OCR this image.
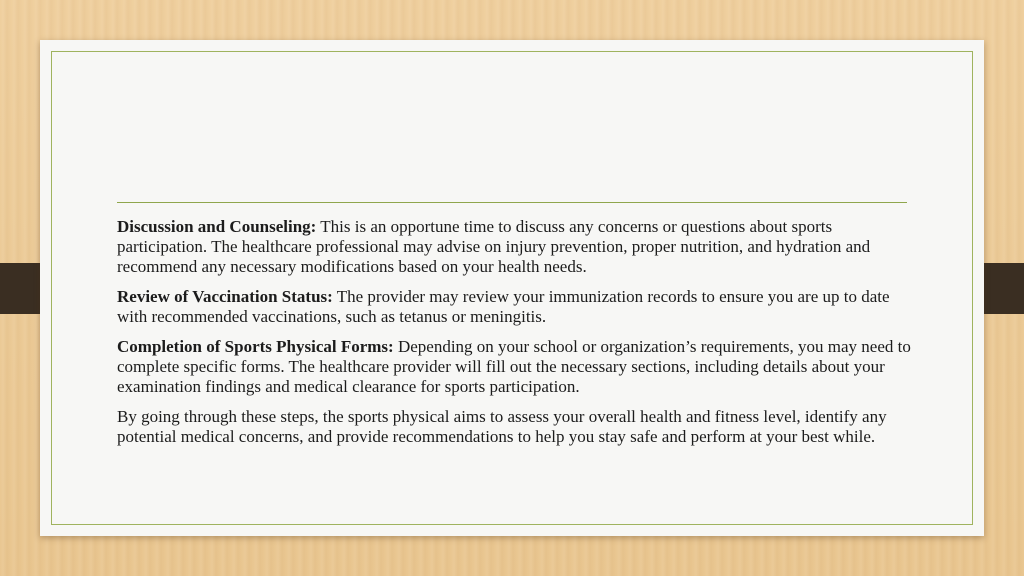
Discussion and Counseling: This is an opportune time to discuss any concerns or questions about sports participation. The healthcare professional may advise on injury prevention, proper nutrition, and hydration and recommend any necessary modifications based on your health needs.

Review of Vaccination Status: The provider may review your immunization records to ensure you are up to date with recommended vaccinations, such as tetanus or meningitis.

Completion of Sports Physical Forms: Depending on your school or organization’s requirements, you may need to complete specific forms. The healthcare provider will fill out the necessary sections, including details about your examination findings and medical clearance for sports participation.

By going through these steps, the sports physical aims to assess your overall health and fitness level, identify any potential medical concerns, and provide recommendations to help you stay safe and perform at your best while.
